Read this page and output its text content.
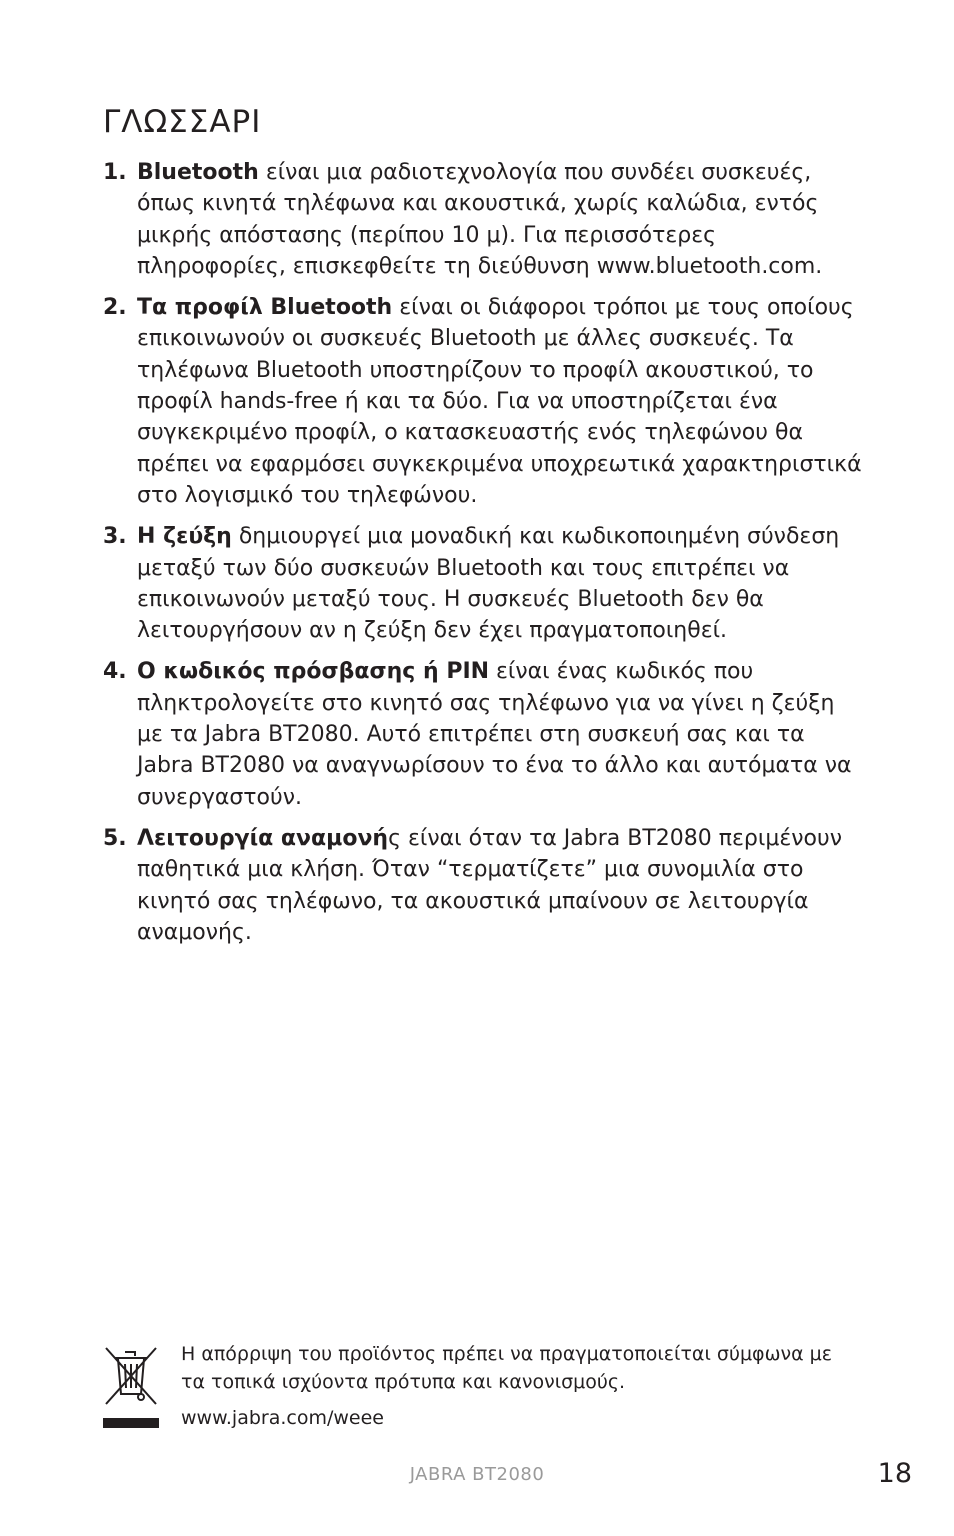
ΓΛΩΣΣΑΡΙ
1. Bluetooth είναι μια ραδιοτεχνολογία που συνδέει συσκευές, όπως κινητά τηλέφωνα και ακουστικά, χωρίς καλώδια, εντός μικρής απόστασης (περίπου 10 μ). Για περισσότερες πληροφορίες, επισκεφθείτε τη διεύθυνση www.bluetooth.com.
2. Τα προφίλ Bluetooth είναι οι διάφοροι τρόποι με τους οποίους επικοινωνούν οι συσκευές Bluetooth με άλλες συσκευές. Τα τηλέφωνα Bluetooth υποστηρίζουν το προφίλ ακουστικού, το προφίλ hands-free ή και τα δύο. Για να υποστηρίζεται ένα συγκεκριμένο προφίλ, ο κατασκευαστής ενός τηλεφώνου θα πρέπει να εφαρμόσει συγκεκριμένα υποχρεωτικά χαρακτηριστικά στο λογισμικό του τηλεφώνου.
3. Η ζεύξη δημιουργεί μια μοναδική και κωδικοποιημένη σύνδεση μεταξύ των δύο συσκευών Bluetooth και τους επιτρέπει να επικοινωνούν μεταξύ τους. Η συσκευές Bluetooth δεν θα λειτουργήσουν αν η ζεύξη δεν έχει πραγματοποιηθεί.
4. Ο κωδικός πρόσβασης ή PIN είναι ένας κωδικός που πληκτρολογείτε στο κινητό σας τηλέφωνο για να γίνει η ζεύξη με τα Jabra BT2080. Αυτό επιτρέπει στη συσκευή σας και τα Jabra BT2080 να αναγνωρίσουν το ένα το άλλο και αυτόματα να συνεργαστούν.
5. Λειτουργία αναμονής είναι όταν τα Jabra BT2080 περιμένουν παθητικά μια κλήση. Όταν “τερματίζετε” μια συνομιλία στο κινητό σας τηλέφωνο, τα ακουστικά μπαίνουν σε λειτουργία αναμονής.

Η απόρριψη του προϊόντος πρέπει να πραγματοποιείται σύμφωνα με τα τοπικά ισχύοντα πρότυπα και κανονισμούς.

www.jabra.com/weee
JABRA BT2080	18
